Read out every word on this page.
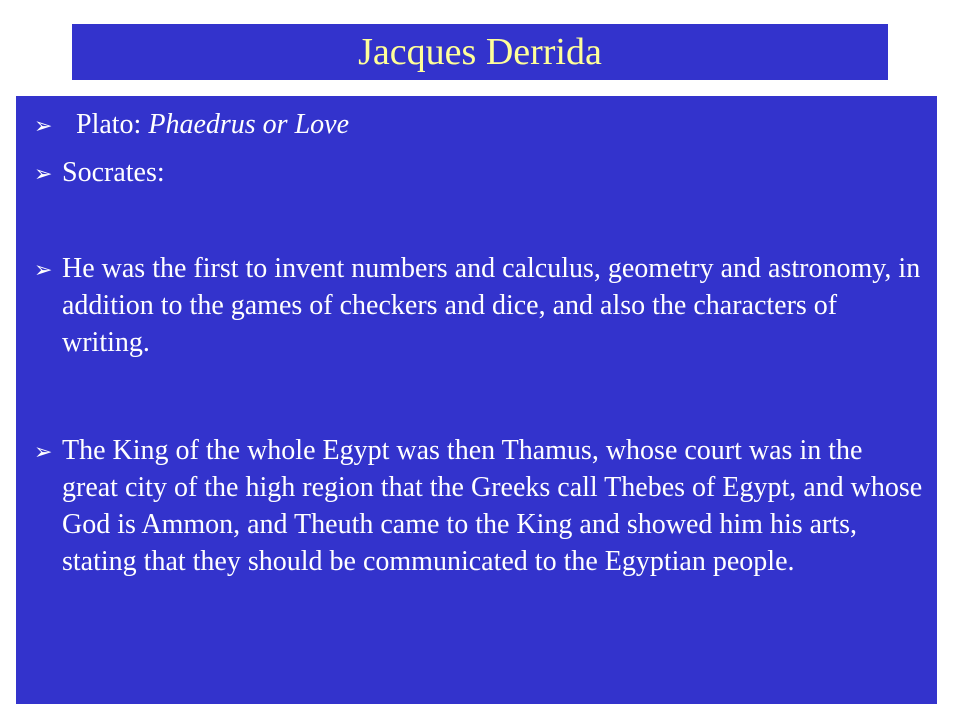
Jacques Derrida
➢ Plato: Phaedrus or Love
➢ Socrates:
➢ He was the first to invent numbers and calculus, geometry and astronomy, in addition to the games of checkers and dice, and also the characters of writing.
➢ The King of the whole Egypt was then Thamus, whose court was in the great city of the high region that the Greeks call Thebes of Egypt, and whose God is Ammon, and Theuth came to the King and showed him his arts, stating that they should be communicated to the Egyptian people.
